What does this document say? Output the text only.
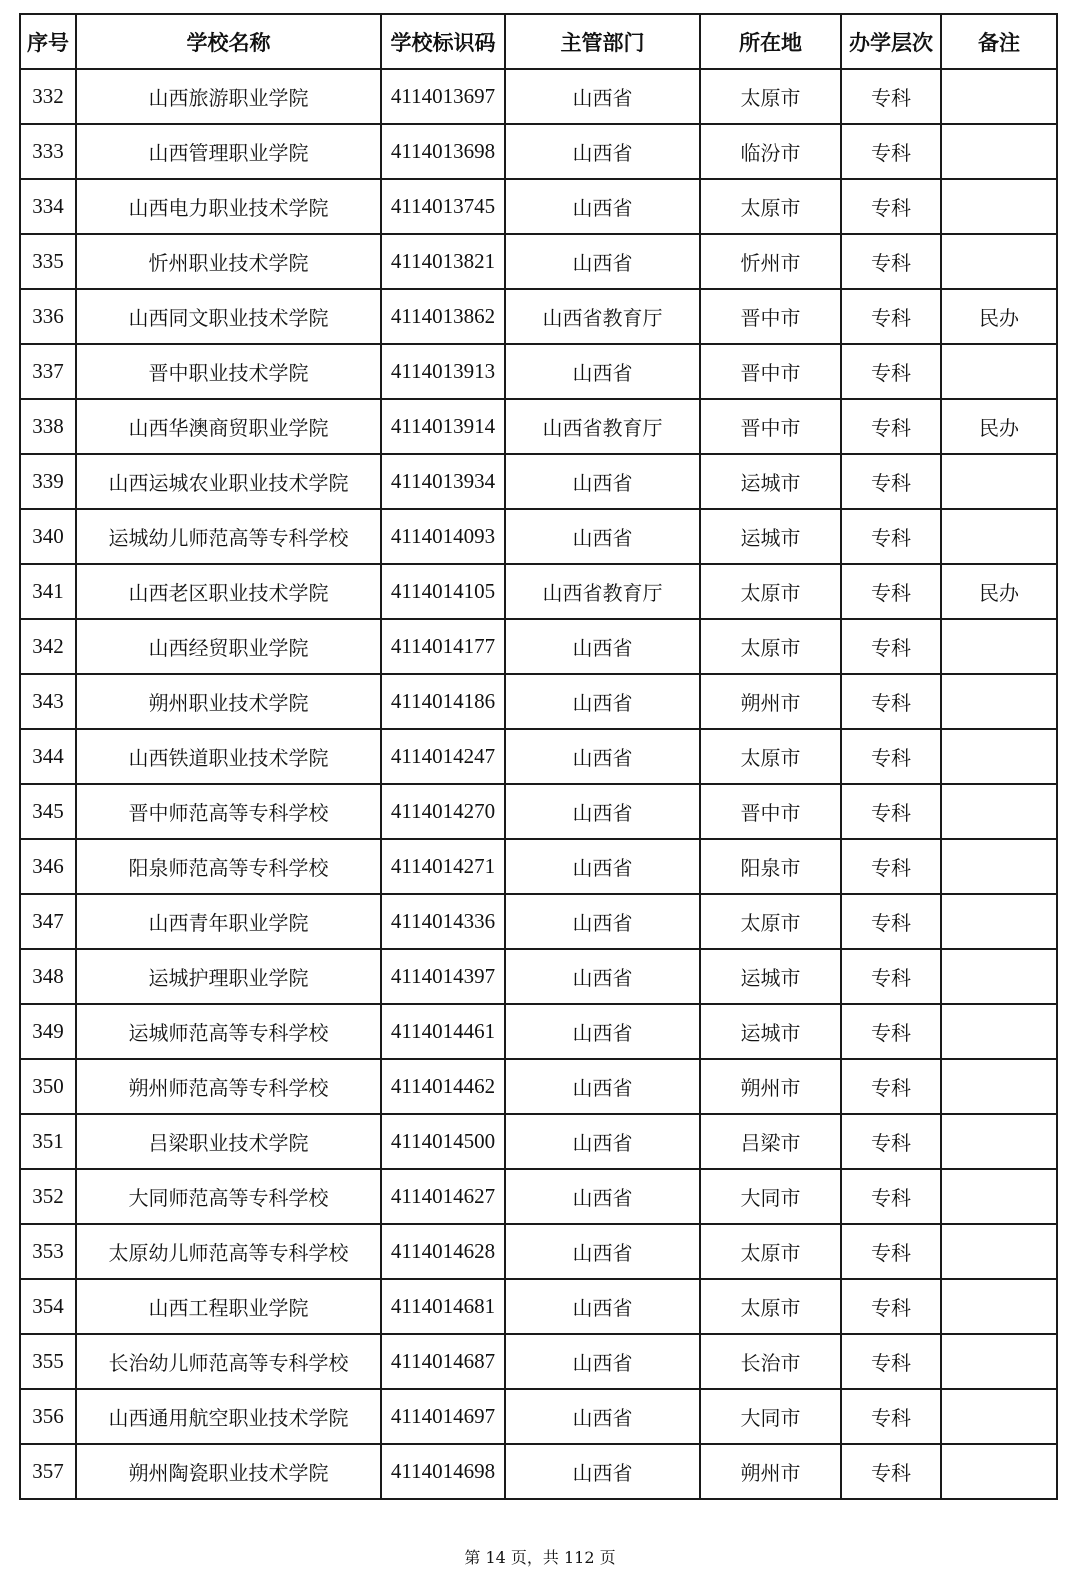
序号	学校名称	学校标识码	主管部门	所在地	办学层次	备注
332	山西旅游职业学院	4114013697	山西省	太原市	专科	
333	山西管理职业学院	4114013698	山西省	临汾市	专科	
334	山西电力职业技术学院	4114013745	山西省	太原市	专科	
335	忻州职业技术学院	4114013821	山西省	忻州市	专科	
336	山西同文职业技术学院	4114013862	山西省教育厅	晋中市	专科	民办
337	晋中职业技术学院	4114013913	山西省	晋中市	专科	
338	山西华澳商贸职业学院	4114013914	山西省教育厅	晋中市	专科	民办
339	山西运城农业职业技术学院	4114013934	山西省	运城市	专科	
340	运城幼儿师范高等专科学校	4114014093	山西省	运城市	专科	
341	山西老区职业技术学院	4114014105	山西省教育厅	太原市	专科	民办
342	山西经贸职业学院	4114014177	山西省	太原市	专科	
343	朔州职业技术学院	4114014186	山西省	朔州市	专科	
344	山西铁道职业技术学院	4114014247	山西省	太原市	专科	
345	晋中师范高等专科学校	4114014270	山西省	晋中市	专科	
346	阳泉师范高等专科学校	4114014271	山西省	阳泉市	专科	
347	山西青年职业学院	4114014336	山西省	太原市	专科	
348	运城护理职业学院	4114014397	山西省	运城市	专科	
349	运城师范高等专科学校	4114014461	山西省	运城市	专科	
350	朔州师范高等专科学校	4114014462	山西省	朔州市	专科	
351	吕梁职业技术学院	4114014500	山西省	吕梁市	专科	
352	大同师范高等专科学校	4114014627	山西省	大同市	专科	
353	太原幼儿师范高等专科学校	4114014628	山西省	太原市	专科	
354	山西工程职业学院	4114014681	山西省	太原市	专科	
355	长治幼儿师范高等专科学校	4114014687	山西省	长治市	专科	
356	山西通用航空职业技术学院	4114014697	山西省	大同市	专科	
357	朔州陶瓷职业技术学院	4114014698	山西省	朔州市	专科	
第 14 页，共 112 页
